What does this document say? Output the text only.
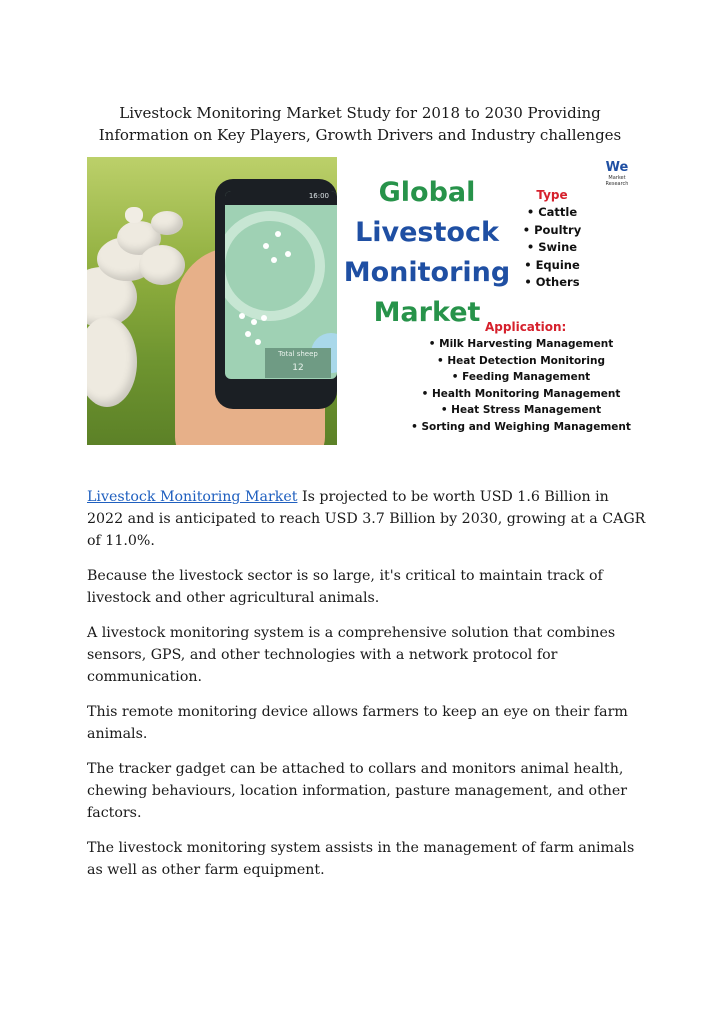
Livestock Monitoring Market Study for 2018 to 2030 Providing
Information on Key Players, Growth Drivers and Industry challenges
16:00
Total sheep
12
Global
Livestock
Monitoring
Market
We
Market
Research
Type
• Cattle
• Poultry
• Swine
• Equine
• Others
Application:
• Milk Harvesting Management
• Heat Detection Monitoring
• Feeding Management
• Health Monitoring Management
• Heat Stress Management
• Sorting and Weighing Management

Livestock Monitoring Market Is projected to be worth USD 1.6 Billion in 2022 and is anticipated to reach USD 3.7 Billion by 2030, growing at a CAGR of 11.0%.

Because the livestock sector is so large, it's critical to maintain track of livestock and other agricultural animals.

A livestock monitoring system is a comprehensive solution that combines sensors, GPS, and other technologies with a network protocol for communication.

This remote monitoring device allows farmers to keep an eye on their farm animals.

The tracker gadget can be attached to collars and monitors animal health, chewing behaviours, location information, pasture management, and other factors.

The livestock monitoring system assists in the management of farm animals as well as other farm equipment.
